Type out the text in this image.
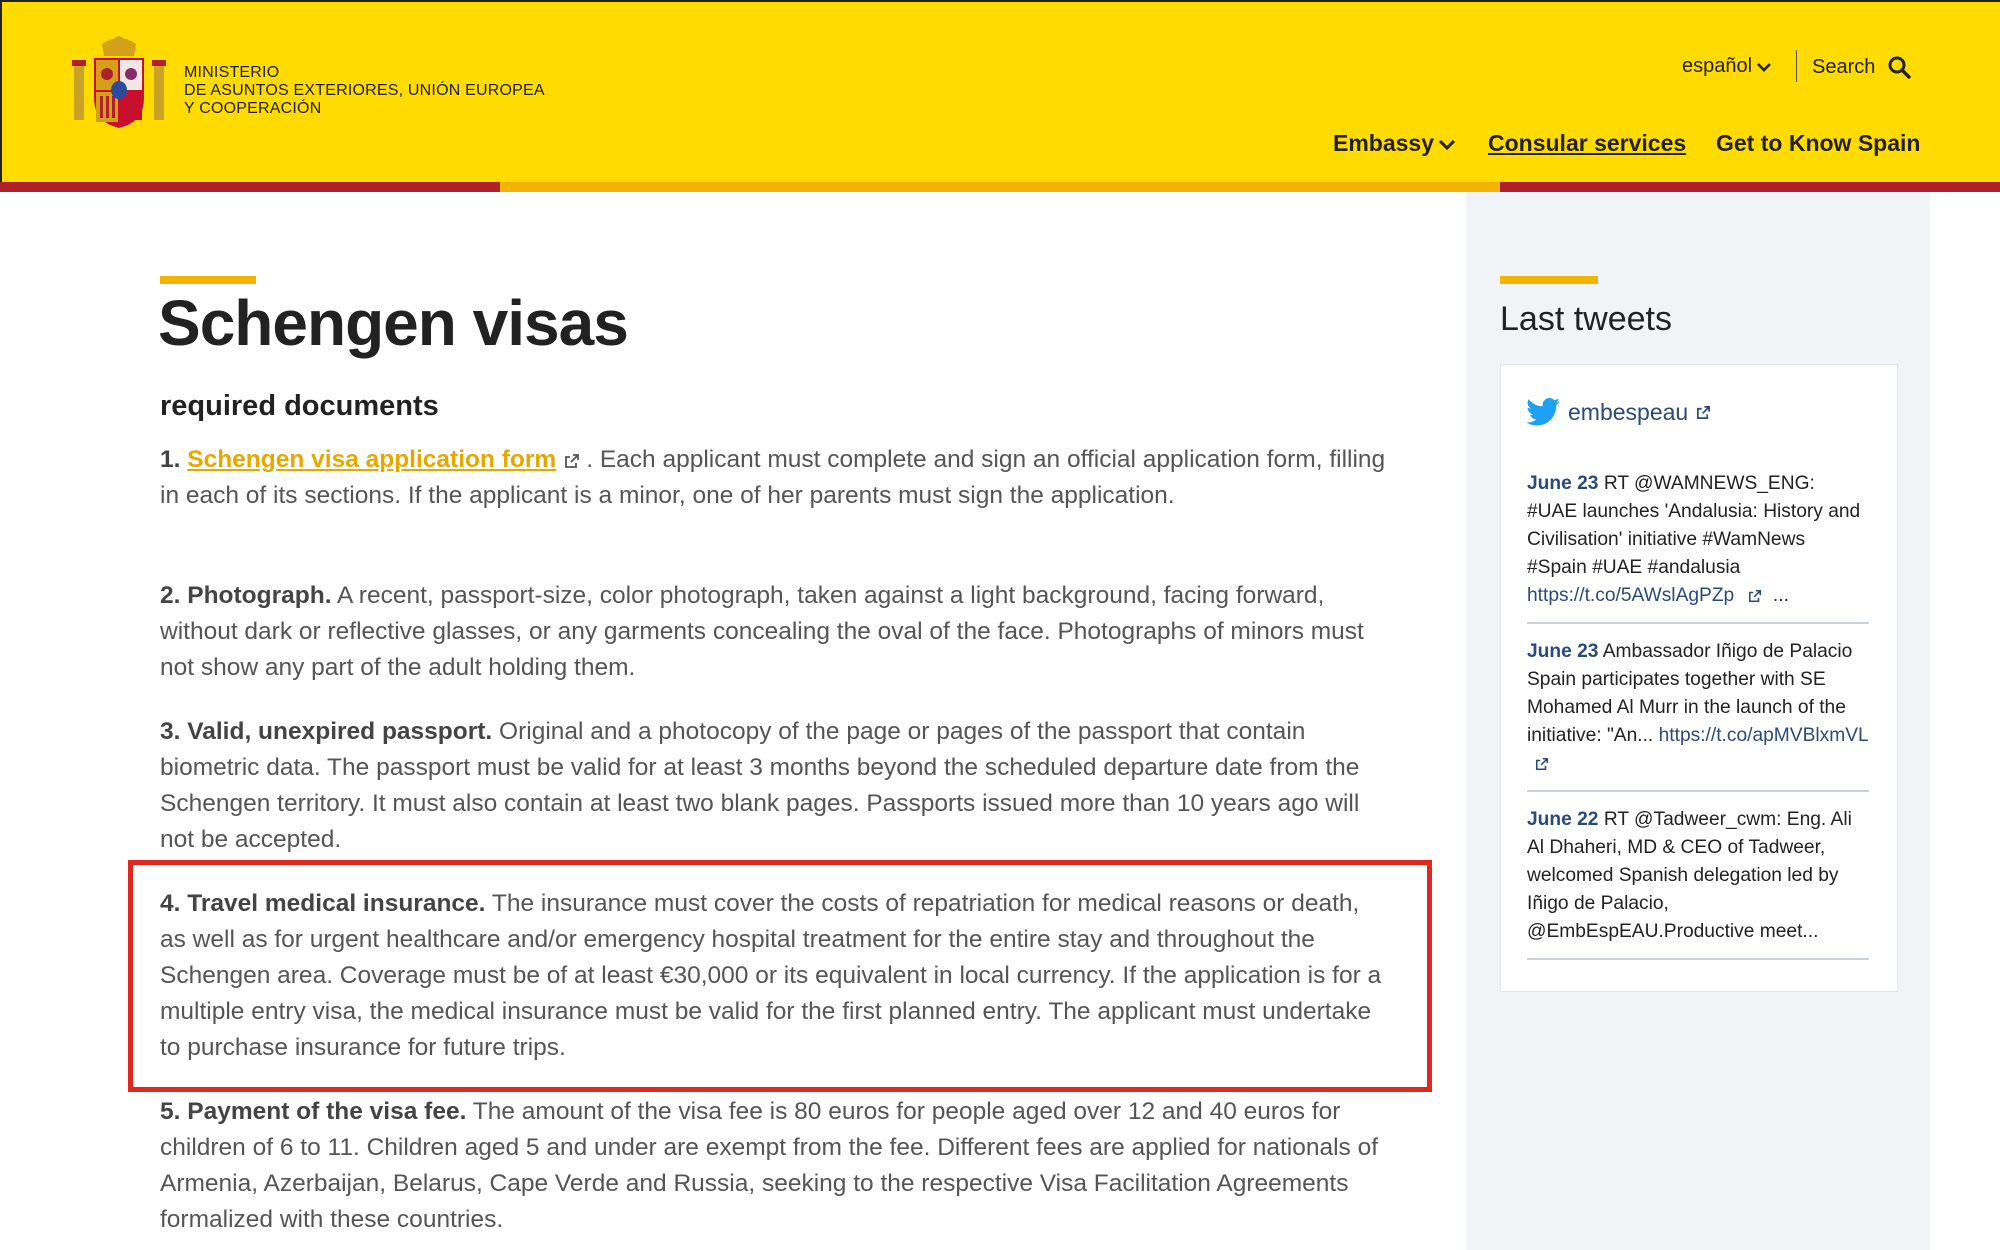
MINISTERIO
DE ASUNTOS EXTERIORES, UNIÓN EUROPEA
Y COOPERACIÓN
español	Search
Embassy Consular services Get to Know Spain
Schengen visas
required documents

1. Schengen visa application form . Each applicant must complete and sign an official application form, filling in each of its sections. If the applicant is a minor, one of her parents must sign the application.

2. Photograph. A recent, passport-size, color photograph, taken against a light background, facing forward, without dark or reflective glasses, or any garments concealing the oval of the face. Photographs of minors must not show any part of the adult holding them.

3. Valid, unexpired passport. Original and a photocopy of the page or pages of the passport that contain biometric data. The passport must be valid for at least 3 months beyond the scheduled departure date from the Schengen territory. It must also contain at least two blank pages. Passports issued more than 10 years ago will not be accepted.

4. Travel medical insurance. The insurance must cover the costs of repatriation for medical reasons or death, as well as for urgent healthcare and/or emergency hospital treatment for the entire stay and throughout the Schengen area. Coverage must be of at least €30,000 or its equivalent in local currency. If the application is for a multiple entry visa, the medical insurance must be valid for the first planned entry. The applicant must undertake to purchase insurance for future trips.

5. Payment of the visa fee. The amount of the visa fee is 80 euros for people aged over 12 and 40 euros for children of 6 to 11. Children aged 5 and under are exempt from the fee. Different fees are applied for nationals of Armenia, Azerbaijan, Belarus, Cape Verde and Russia, seeking to the respective Visa Facilitation Agreements formalized with these countries.

Last tweets
embespeau
June 23 RT @WAMNEWS_ENG: #UAE launches 'Andalusia: History and Civilisation' initiative #WamNews #Spain #UAE #andalusia https://t.co/5AWslAgPZp ...
June 23 Ambassador Iñigo de Palacio Spain participates together with SE Mohamed Al Murr in the launch of the initiative: "An... https://t.co/apMVBlxmVL
June 22 RT @Tadweer_cwm: Eng. Ali Al Dhaheri, MD & CEO of Tadweer, welcomed Spanish delegation led by Iñigo de Palacio, @EmbEspEAU.Productive meet...
